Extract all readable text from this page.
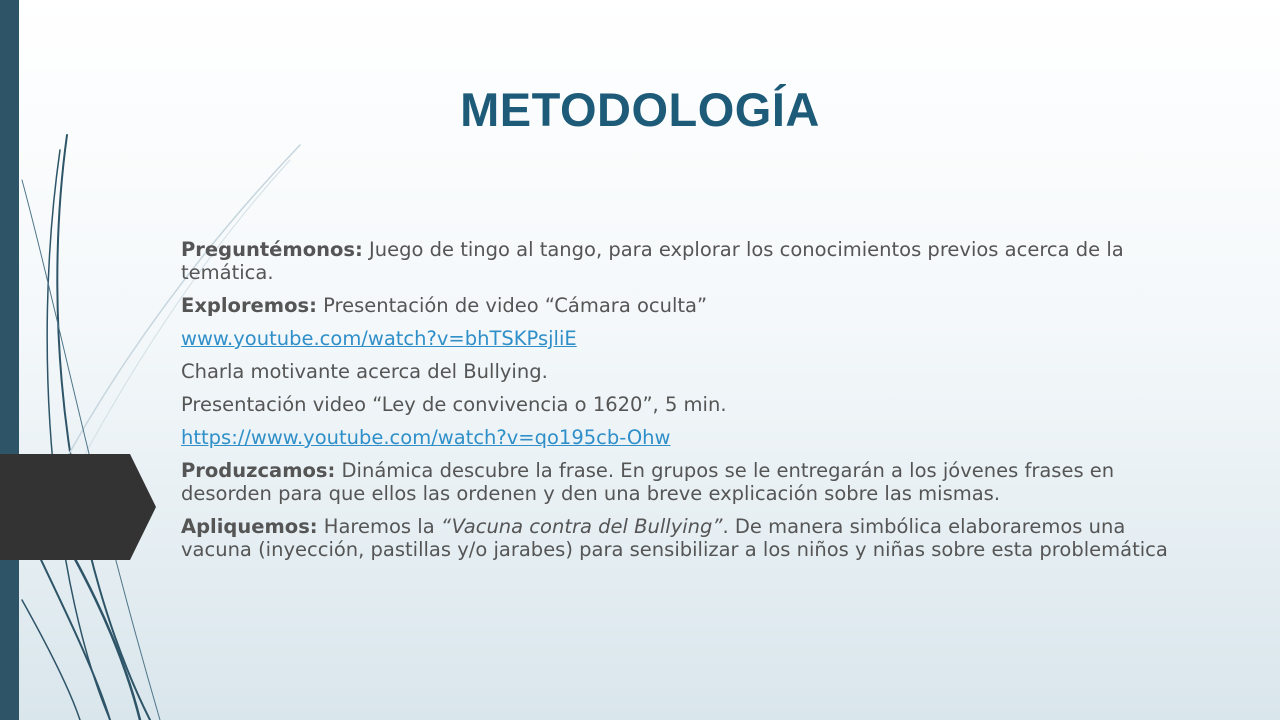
METODOLOGÍA

Preguntémonos: Juego de tingo al tango, para explorar los conocimientos previos acerca de la temática.

Exploremos: Presentación de video “Cámara oculta”

www.youtube.com/watch?v=bhTSKPsjliE

Charla motivante acerca del Bullying.

Presentación video “Ley de convivencia o 1620”, 5 min.

https://www.youtube.com/watch?v=qo195cb-Ohw

Produzcamos: Dinámica descubre la frase. En grupos se le entregarán a los jóvenes frases en desorden para que ellos las ordenen y den una breve explicación sobre las mismas.

Apliquemos: Haremos la “Vacuna contra del Bullying”. De manera simbólica elaboraremos una vacuna (inyección, pastillas y/o jarabes) para sensibilizar a los niños y niñas sobre esta problemática
